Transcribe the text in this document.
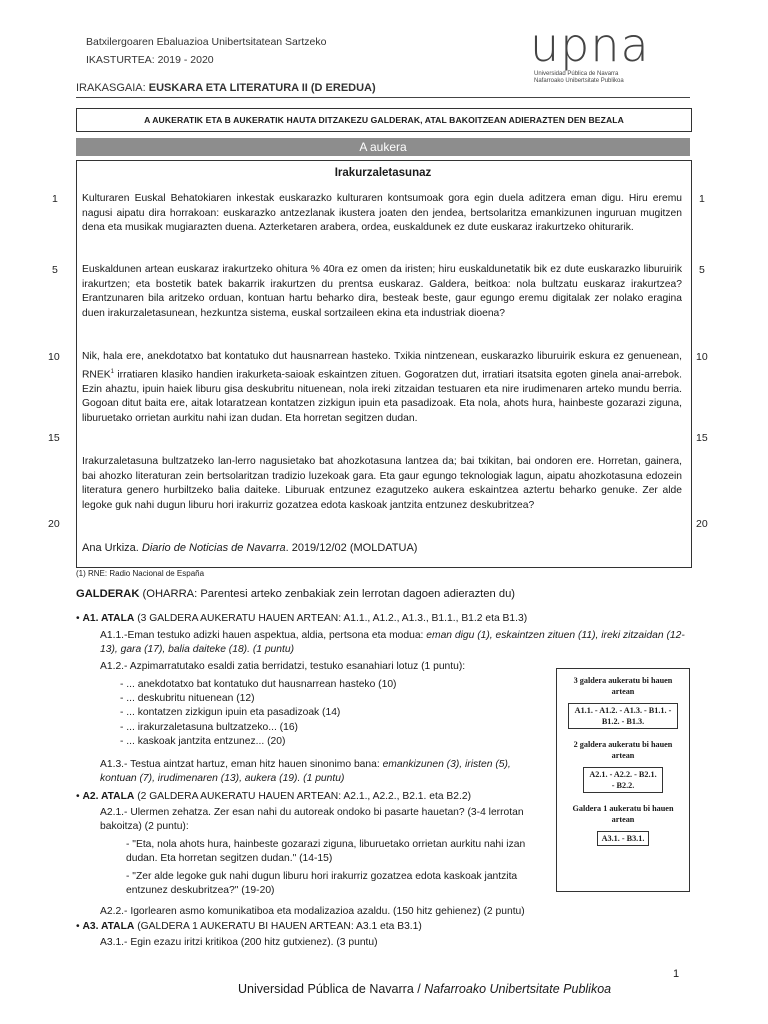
Batxilergoaren Ebaluazioa Unibertsitatean Sartzeko
IKASTURTEA: 2019 - 2020	upna
Universidad Pública de Navarra
Nafarroako Unibertsitate Publikoa
IRAKASGAIA: EUSKARA ETA LITERATURA II (D EREDUA)
A AUKERATIK ETA B AUKERATIK HAUTA DITZAKEZU GALDERAK, ATAL BAKOITZEAN ADIERAZTEN DEN BEZALA
A aukera
Irakurzaletasunaz
Kulturaren Euskal Behatokiaren inkestak euskarazko kulturaren kontsumoak gora egin duela aditzera eman digu. Hiru eremu nagusi aipatu dira horrakoan: euskarazko antzezlanak ikustera joaten den jendea, bertsolaritza emankizunen inguruan mugitzen dena eta musikak mugiarazten duena. Azterketaren arabera, ordea, euskaldunek ez dute euskaraz irakurtzeko ohiturarik.
Euskaldunen artean euskaraz irakurtzeko ohitura % 40ra ez omen da iristen; hiru euskaldunetatik bik ez dute euskarazko liburuirik irakurtzen; eta bostetik batek bakarrik irakurtzen du prentsa euskaraz. Galdera, beitkoa: nola bultzatu euskaraz irakurtzea? Erantzunaren bila aritzeko orduan, kontuan hartu beharko dira, besteak beste, gaur egungo eremu digitalak zer nolako eragina duen irakurzaletasunean, hezkuntza sistema, euskal sortzaileen ekina eta industriak dioena?
Nik, hala ere, anekdotatxo bat kontatuko dut hausnarrean hasteko. Txikia nintzenean, euskarazko liburuirik eskura ez genuenean, RNEK$^1$ irratiaren klasiko handien irakurketa-saioak eskaintzen zituen. Gogoratzen dut, irratiari itsatsita egoten ginela anai-arrebok. Ezin ahaztu, ipuin haiek liburu gisa deskubritu nituenean, nola ireki zitzaidan testuaren eta nire irudimenaren arteko mundu berria. Gogoan ditut baita ere, aitak lotaratzean kontatzen zizkigun ipuin eta pasadizoak. Eta nola, ahots hura, hainbeste gozarazi ziguna, liburuetako orrietan aurkitu nahi izan dudan. Eta horretan segitzen dudan.
Irakurzaletasuna bultzatzeko lan-lerro nagusietako bat ahozkotasuna lantzea da; bai txikitan, bai ondoren ere. Horretan, gainera, bai ahozko literaturan zein bertsolaritzan tradizio luzekoak gara. Eta gaur egungo teknologiak lagun, aipatu ahozkotasuna edozein literatura genero hurbiltzeko balia daiteke. Liburuak entzunez ezagutzeko aukera eskaintzea aztertu beharko genuke. Zer alde legoke guk nahi dugun liburu hori irakurriz gozatzea edota kaskoak jantzita entzunez deskubritzea?
Ana Urkiza. Diario de Noticias de Navarra. 2019/12/02 (MOLDATUA)
1
5
10
15
20
1
5
10
15
20
(1) RNE: Radio Nacional de España
GALDERAK (OHARRA: Parentesi arteko zenbakiak zein lerrotan dagoen adierazten du)
• A1. ATALA (3 GALDERA AUKERATU HAUEN ARTEAN: A1.1., A1.2., A1.3., B1.1., B1.2 eta B1.3)
A1.1.-Eman testuko adizki hauen aspektua, aldia, pertsona eta modua: eman digu (1), eskaintzen zituen (11), ireki zitzaidan (12-13), gara (17), balia daiteke (18). (1 puntu)
A1.2.- Azpimarratutako esaldi zatia berridatzi, testuko esanahiari lotuz (1 puntu):
- ... anekdotatxo bat kontatuko dut hausnarrean hasteko (10)
- ... deskubritu nituenean (12)
- ... kontatzen zizkigun ipuin eta pasadizoak (14)
- ... irakurzaletasuna bultzatzeko... (16)
- ... kaskoak jantzita entzunez... (20)
A1.3.- Testua aintzat hartuz, eman hitz hauen sinonimo bana: emankizunen (3), iristen (5), kontuan (7), irudimenaren (13), aukera (19). (1 puntu)
• A2. ATALA (2 GALDERA AUKERATU HAUEN ARTEAN: A2.1., A2.2., B2.1. eta B2.2)
A2.1.- Ulermen zehatza. Zer esan nahi du autoreak ondoko bi pasarte hauetan? (3-4 lerrotan bakoitza) (2 puntu):
- "Eta, nola ahots hura, hainbeste gozarazi ziguna, liburuetako orrietan aurkitu nahi izan dudan. Eta horretan segitzen dudan." (14-15)
- "Zer alde legoke guk nahi dugun liburu hori irakurriz gozatzea edota kaskoak jantzita entzunez deskubritzea?" (19-20)
A2.2.- Igorlearen asmo komunikatiboa eta modalizazioa azaldu. (150 hitz gehienez) (2 puntu)
• A3. ATALA (GALDERA 1 AUKERATU BI HAUEN ARTEAN: A3.1 eta B3.1)
A3.1.- Egin ezazu iritzi kritikoa (200 hitz gutxienez). (3 puntu)
3 galdera aukeratu bi hauen artean
A1.1. - A1.2. - A1.3. - B1.1. - B1.2. - B1.3.
2 galdera aukeratu bi hauen artean
A2.1. - A2.2. - B2.1. - B2.2.
Galdera 1 aukeratu bi hauen artean
A3.1. - B3.1.
1
Universidad Pública de Navarra / Nafarroako Unibertsitate Publikoa
